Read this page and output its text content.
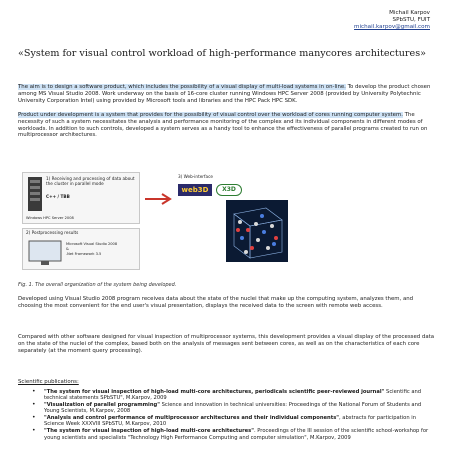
Michail Karpov
SPbSTU, FUIT
michail.karpov@gmail.com
«System for visual control workload of high-performance manycores architectures»

The aim is to design a software product, which includes the possibility of a visual display of multi-load systems in on-line. To develop the product chosen among MS Visual Studio 2008. Work underway on the basis of 16-core cluster running Windows HPC Server 2008 (provided by University Polytechnic University Corporation Intel) using provided by Microsoft tools and libraries and the HPC Pack HPC SDK.

Product under development is a system that provides for the possibility of visual control over the workload of cores running computer system. The necessity of such a system necessitates the analysis and performance monitoring of the complex and its individual components in different modes of workloads. In addition to such controls, developed a system serves as a handy tool to enhance the effectiveness of parallel programs created to run on multiprocessor architectures.

1) Receiving and processing of data about the cluster in parallel mode
C++ / TBB
Windows HPC Server 2008
2) Postprocessing results
Microsoft Visual Studio 2008
&
.Net Framework 3.5
3) Web-interface
web3D	X3D
Fig. 1. The overall organization of the system being developed.

Developed using Visual Studio 2008 program receives data about the state of the nuclei that make up the computing system, analyzes them, and choosing the most convenient for the end user's visual presentation, displays the received data to the screen with remote web access.

Compared with other software designed for visual inspection of multiprocessor systems, this development provides a visual display of the processed data on the state of the nuclei of the complex, based both on the analysis of messages sent between cores, as well as on the characteristics of each core separately (at the moment query processing).

Scientific publications:
• "The system for visual inspection of high-load multi-core architectures, periodicals scientific peer-reviewed journal" Scientific and technical statements SPbSTU", M.Karpov, 2009
• "Visualization of parallel programming" Science and innovation in technical universities: Proceedings of the National Forum of Students and Young Scientists, M.Karpov, 2008
• "Analysis and control performance of multiprocessor architectures and their individual components", abstracts for participation in Science Week XXXVIII SPbSTU, M.Karpov, 2010
• "The system for visual inspection of high-load multi-core architectures". Proceedings of the III session of the scientific school-workshop for young scientists and specialists "Technology High Performance Computing and computer simulation", M.Karpov, 2009
